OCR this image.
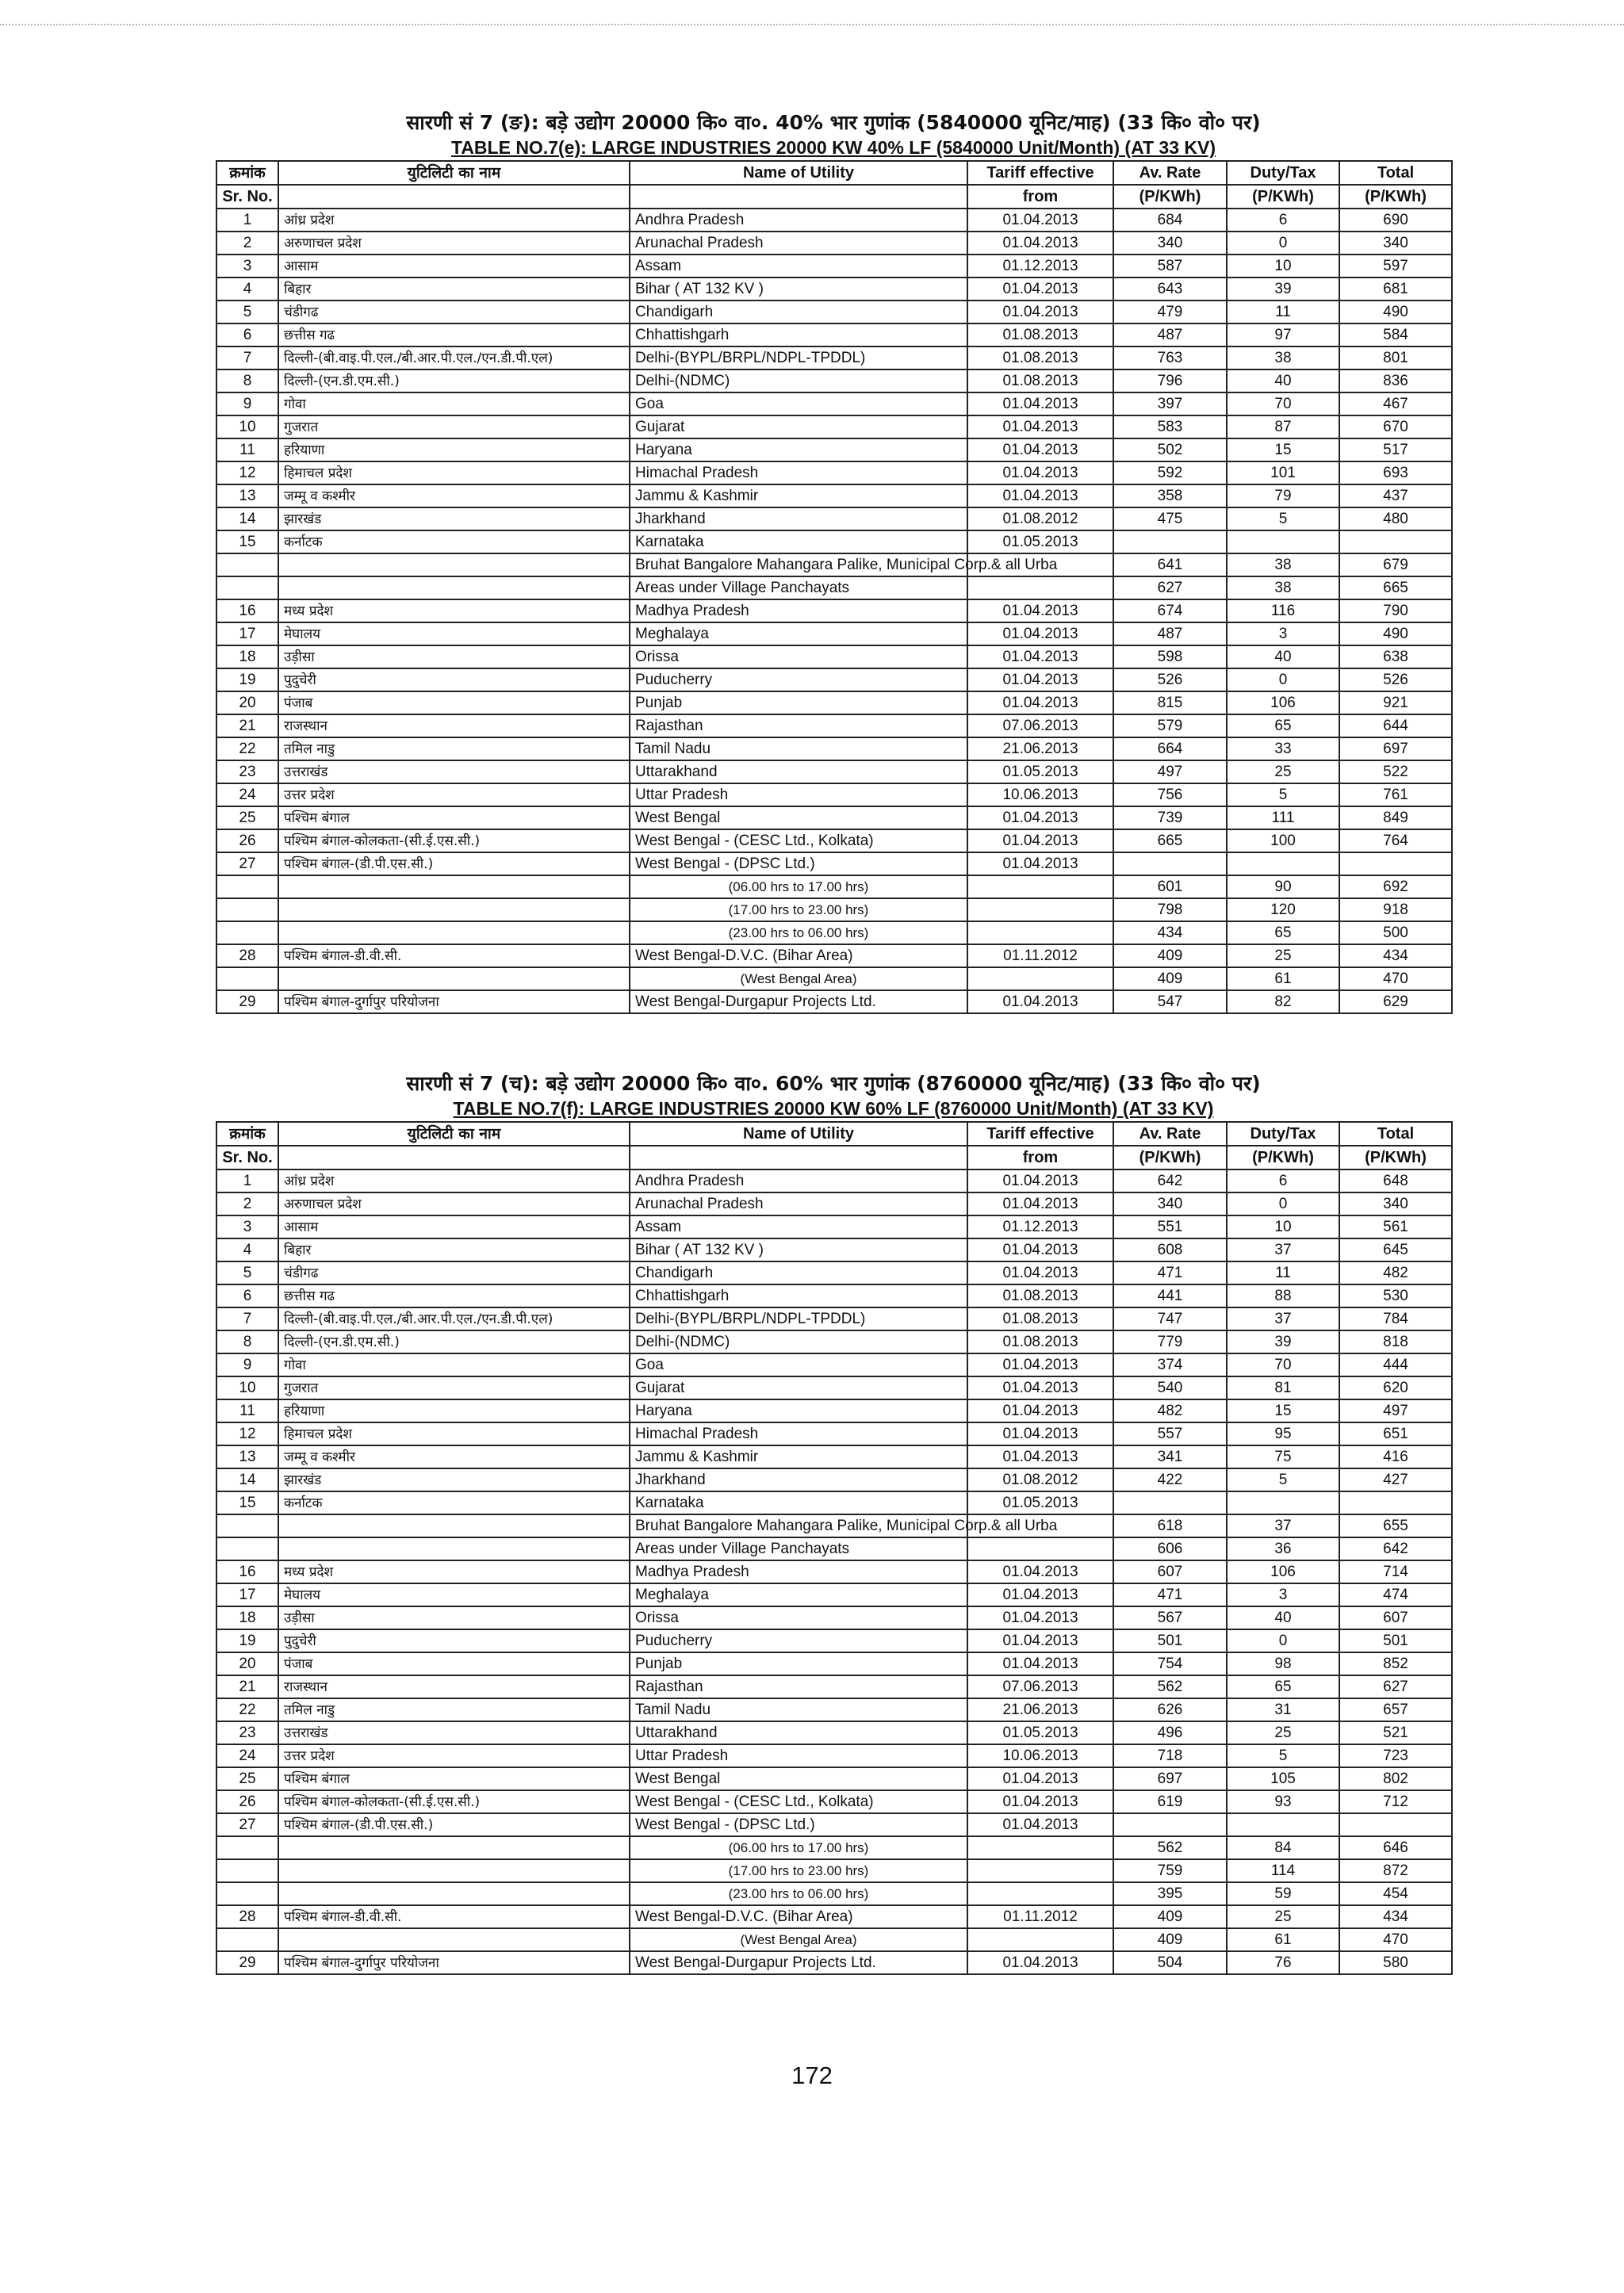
सारणी सं 7 (ङ): बड़े उद्योग 20000 कि० वा०. 40% भार गुणांक (5840000 यूनिट/माह) (33 कि० वो० पर)
TABLE NO.7(e): LARGE INDUSTRIES 20000 KW 40% LF (5840000 Unit/Month) (AT 33 KV)
क्रमांक	युटिलिटी का नाम	Name of Utility	Tariff effective	Av. Rate	Duty/Tax	Total
Sr. No.			from	(P/KWh)	(P/KWh)	(P/KWh)
1	आंध्र प्रदेश	Andhra Pradesh	01.04.2013	684	6	690
2	अरुणाचल प्रदेश	Arunachal Pradesh	01.04.2013	340	0	340
3	आसाम	Assam	01.12.2013	587	10	597
4	बिहार	Bihar ( AT 132 KV )	01.04.2013	643	39	681
5	चंडीगढ	Chandigarh	01.04.2013	479	11	490
6	छत्तीस गढ	Chhattishgarh	01.08.2013	487	97	584
7	दिल्ली-(बी.वाइ.पी.एल./बी.आर.पी.एल./एन.डी.पी.एल)	Delhi-(BYPL/BRPL/NDPL-TPDDL)	01.08.2013	763	38	801
8	दिल्ली-(एन.डी.एम.सी.)	Delhi-(NDMC)	01.08.2013	796	40	836
9	गोवा	Goa	01.04.2013	397	70	467
10	गुजरात	Gujarat	01.04.2013	583	87	670
11	हरियाणा	Haryana	01.04.2013	502	15	517
12	हिमाचल प्रदेश	Himachal Pradesh	01.04.2013	592	101	693
13	जम्मू व कश्मीर	Jammu & Kashmir	01.04.2013	358	79	437
14	झारखंड	Jharkhand	01.08.2012	475	5	480
15	कर्नाटक	Karnataka	01.05.2013			
		Bruhat Bangalore Mahangara Palike, Municipal Corp.& all Urba		641	38	679
		Areas under Village Panchayats		627	38	665
16	मध्य प्रदेश	Madhya Pradesh	01.04.2013	674	116	790
17	मेघालय	Meghalaya	01.04.2013	487	3	490
18	उड़ीसा	Orissa	01.04.2013	598	40	638
19	पुदुचेरी	Puducherry	01.04.2013	526	0	526
20	पंजाब	Punjab	01.04.2013	815	106	921
21	राजस्थान	Rajasthan	07.06.2013	579	65	644
22	तमिल नाडु	Tamil Nadu	21.06.2013	664	33	697
23	उत्तराखंड	Uttarakhand	01.05.2013	497	25	522
24	उत्तर प्रदेश	Uttar Pradesh	10.06.2013	756	5	761
25	पश्चिम बंगाल	West Bengal	01.04.2013	739	111	849
26	पश्चिम बंगाल-कोलकता-(सी.ई.एस.सी.)	West Bengal - (CESC Ltd., Kolkata)	01.04.2013	665	100	764
27	पश्चिम बंगाल-(डी.पी.एस.सी.)	West Bengal - (DPSC Ltd.)	01.04.2013			
		(06.00 hrs to 17.00 hrs)		601	90	692
		(17.00 hrs to 23.00 hrs)		798	120	918
		(23.00 hrs to 06.00 hrs)		434	65	500
28	पश्चिम बंगाल-डी.वी.सी.	West Bengal-D.V.C. (Bihar Area)	01.11.2012	409	25	434
		(West Bengal Area)		409	61	470
29	पश्चिम बंगाल-दुर्गापुर परियोजना	West Bengal-Durgapur Projects Ltd.	01.04.2013	547	82	629
सारणी सं 7 (च): बड़े उद्योग 20000 कि० वा०. 60% भार गुणांक (8760000 यूनिट/माह) (33 कि० वो० पर)
TABLE NO.7(f): LARGE INDUSTRIES 20000 KW 60% LF (8760000 Unit/Month) (AT 33 KV)
क्रमांक	युटिलिटी का नाम	Name of Utility	Tariff effective	Av. Rate	Duty/Tax	Total
Sr. No.			from	(P/KWh)	(P/KWh)	(P/KWh)
1	आंध्र प्रदेश	Andhra Pradesh	01.04.2013	642	6	648
2	अरुणाचल प्रदेश	Arunachal Pradesh	01.04.2013	340	0	340
3	आसाम	Assam	01.12.2013	551	10	561
4	बिहार	Bihar ( AT 132 KV )	01.04.2013	608	37	645
5	चंडीगढ	Chandigarh	01.04.2013	471	11	482
6	छत्तीस गढ	Chhattishgarh	01.08.2013	441	88	530
7	दिल्ली-(बी.वाइ.पी.एल./बी.आर.पी.एल./एन.डी.पी.एल)	Delhi-(BYPL/BRPL/NDPL-TPDDL)	01.08.2013	747	37	784
8	दिल्ली-(एन.डी.एम.सी.)	Delhi-(NDMC)	01.08.2013	779	39	818
9	गोवा	Goa	01.04.2013	374	70	444
10	गुजरात	Gujarat	01.04.2013	540	81	620
11	हरियाणा	Haryana	01.04.2013	482	15	497
12	हिमाचल प्रदेश	Himachal Pradesh	01.04.2013	557	95	651
13	जम्मू व कश्मीर	Jammu & Kashmir	01.04.2013	341	75	416
14	झारखंड	Jharkhand	01.08.2012	422	5	427
15	कर्नाटक	Karnataka	01.05.2013			
		Bruhat Bangalore Mahangara Palike, Municipal Corp.& all Urba		618	37	655
		Areas under Village Panchayats		606	36	642
16	मध्य प्रदेश	Madhya Pradesh	01.04.2013	607	106	714
17	मेघालय	Meghalaya	01.04.2013	471	3	474
18	उड़ीसा	Orissa	01.04.2013	567	40	607
19	पुदुचेरी	Puducherry	01.04.2013	501	0	501
20	पंजाब	Punjab	01.04.2013	754	98	852
21	राजस्थान	Rajasthan	07.06.2013	562	65	627
22	तमिल नाडु	Tamil Nadu	21.06.2013	626	31	657
23	उत्तराखंड	Uttarakhand	01.05.2013	496	25	521
24	उत्तर प्रदेश	Uttar Pradesh	10.06.2013	718	5	723
25	पश्चिम बंगाल	West Bengal	01.04.2013	697	105	802
26	पश्चिम बंगाल-कोलकता-(सी.ई.एस.सी.)	West Bengal - (CESC Ltd., Kolkata)	01.04.2013	619	93	712
27	पश्चिम बंगाल-(डी.पी.एस.सी.)	West Bengal - (DPSC Ltd.)	01.04.2013			
		(06.00 hrs to 17.00 hrs)		562	84	646
		(17.00 hrs to 23.00 hrs)		759	114	872
		(23.00 hrs to 06.00 hrs)		395	59	454
28	पश्चिम बंगाल-डी.वी.सी.	West Bengal-D.V.C. (Bihar Area)	01.11.2012	409	25	434
		(West Bengal Area)		409	61	470
29	पश्चिम बंगाल-दुर्गापुर परियोजना	West Bengal-Durgapur Projects Ltd.	01.04.2013	504	76	580
172
